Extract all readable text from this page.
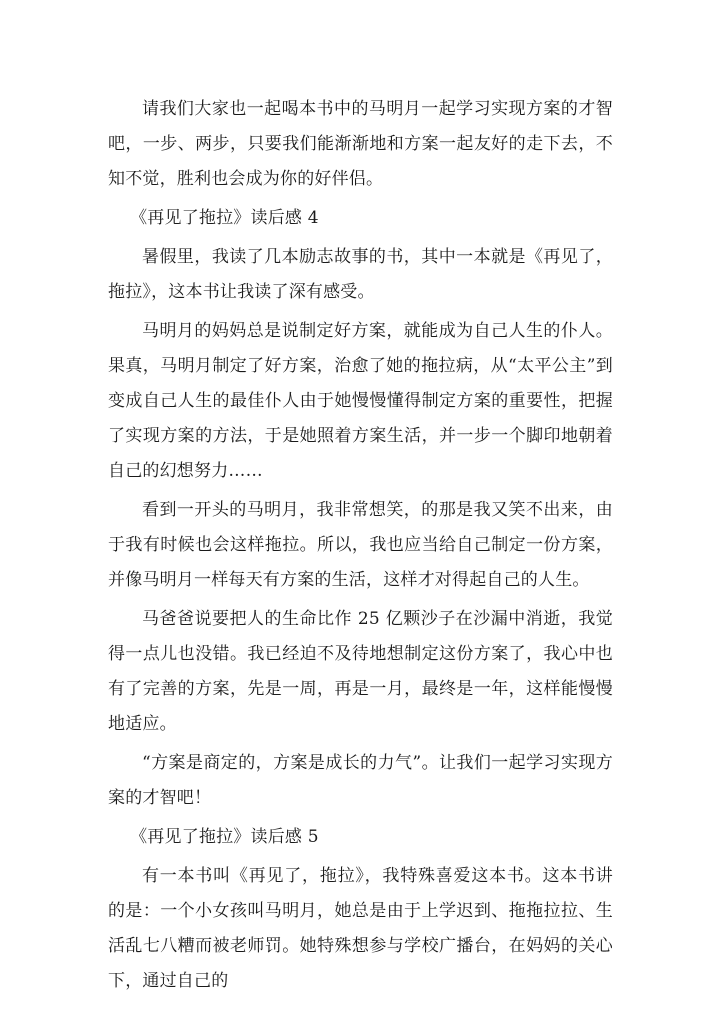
请我们大家也一起喝本书中的马明月一起学习实现方案的才智吧，一步、两步，只要我们能渐渐地和方案一起友好的走下去，不知不觉，胜利也会成为你的好伴侣。

《再见了拖拉》读后感 4

暑假里，我读了几本励志故事的书，其中一本就是《再见了，拖拉》，这本书让我读了深有感受。

马明月的妈妈总是说制定好方案，就能成为自己人生的仆人。果真，马明月制定了好方案，治愈了她的拖拉病，从“太平公主”到变成自己人生的最佳仆人由于她慢慢懂得制定方案的重要性，把握了实现方案的方法，于是她照着方案生活，并一步一个脚印地朝着自己的幻想努力……

看到一开头的马明月，我非常想笑，的那是我又笑不出来，由于我有时候也会这样拖拉。所以，我也应当给自己制定一份方案，并像马明月一样每天有方案的生活，这样才对得起自己的人生。

马爸爸说要把人的生命比作 25 亿颗沙子在沙漏中消逝，我觉得一点儿也没错。我已经迫不及待地想制定这份方案了，我心中也有了完善的方案，先是一周，再是一月，最终是一年，这样能慢慢地适应。

“方案是商定的，方案是成长的力气”。让我们一起学习实现方案的才智吧！

《再见了拖拉》读后感 5

有一本书叫《再见了，拖拉》，我特殊喜爱这本书。这本书讲的是：一个小女孩叫马明月，她总是由于上学迟到、拖拖拉拉、生活乱七八糟而被老师罚。她特殊想参与学校广播台，在妈妈的关心下，通过自己的
